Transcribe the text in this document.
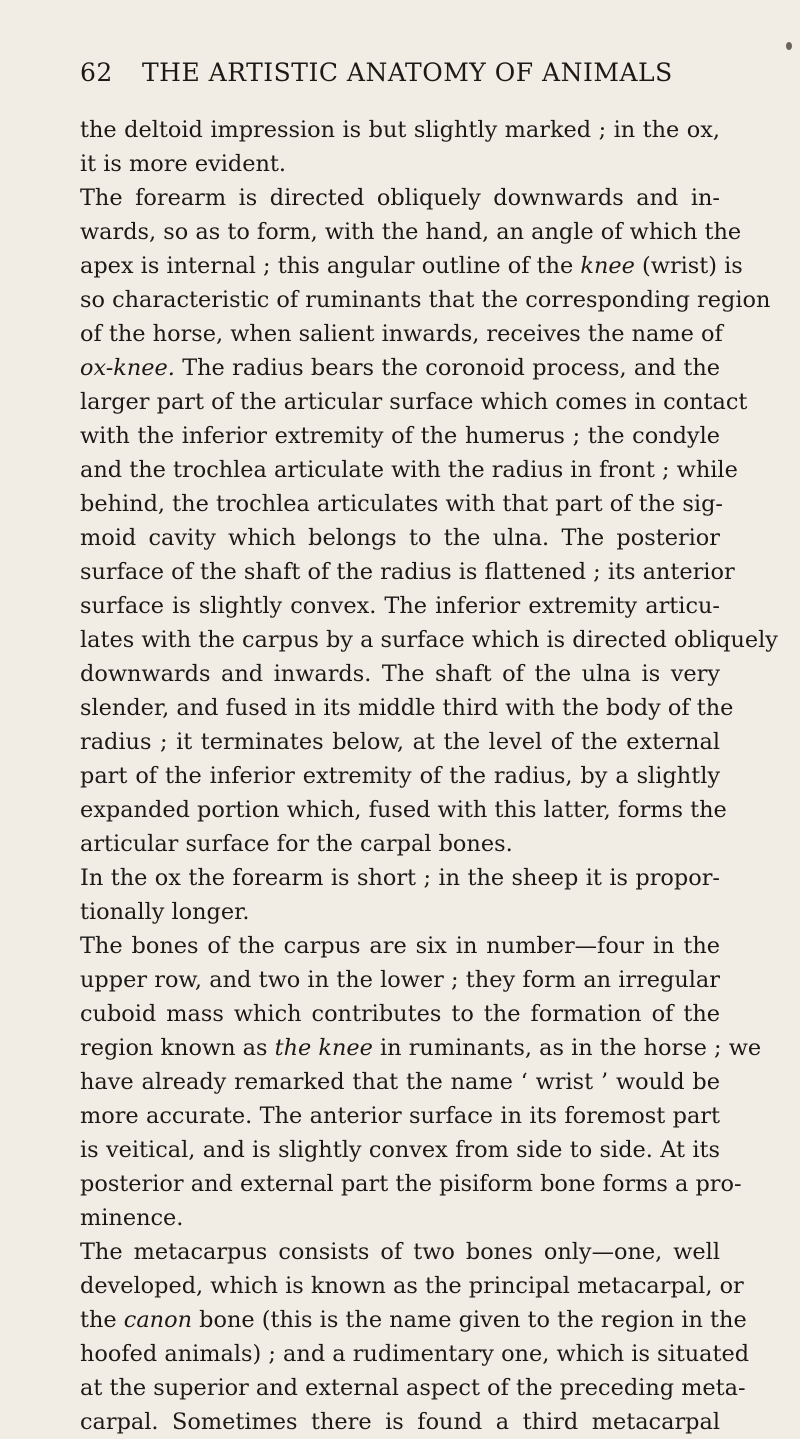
62 THE ARTISTIC ANATOMY OF ANIMALS
the deltoid impression is but slightly marked ; in the ox,
it is more evident.
The forearm is directed obliquely downwards and in-
wards, so as to form, with the hand, an angle of which the
apex is internal ; this angular outline of the knee (wrist) is
so characteristic of ruminants that the corresponding region
of the horse, when salient inwards, receives the name of
ox-knee. The radius bears the coronoid process, and the
larger part of the articular surface which comes in contact
with the inferior extremity of the humerus ; the condyle
and the trochlea articulate with the radius in front ; while
behind, the trochlea articulates with that part of the sig-
moid cavity which belongs to the ulna. The posterior
surface of the shaft of the radius is flattened ; its anterior
surface is slightly convex. The inferior extremity articu-
lates with the carpus by a surface which is directed obliquely
downwards and inwards. The shaft of the ulna is very
slender, and fused in its middle third with the body of the
radius ; it terminates below, at the level of the external
part of the inferior extremity of the radius, by a slightly
expanded portion which, fused with this latter, forms the
articular surface for the carpal bones.
In the ox the forearm is short ; in the sheep it is propor-
tionally longer.
The bones of the carpus are six in number—four in the
upper row, and two in the lower ; they form an irregular
cuboid mass which contributes to the formation of the
region known as the knee in ruminants, as in the horse ; we
have already remarked that the name ‘ wrist ’ would be
more accurate. The anterior surface in its foremost part
is veitical, and is slightly convex from side to side. At its
posterior and external part the pisiform bone forms a pro-
minence.
The metacarpus consists of two bones only—one, well
developed, which is known as the principal metacarpal, or
the canon bone (this is the name given to the region in the
hoofed animals) ; and a rudimentary one, which is situated
at the superior and external aspect of the preceding meta-
carpal. Sometimes there is found a third metacarpal
